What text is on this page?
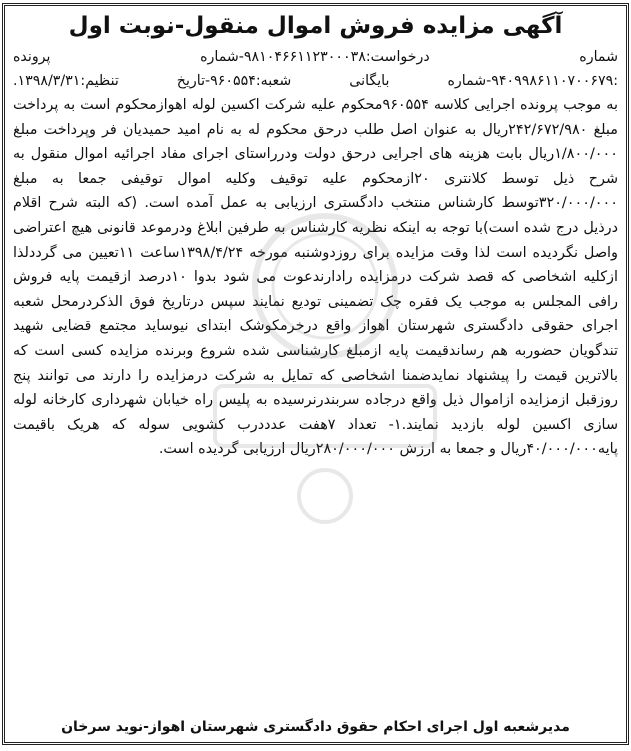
آگهی مزایده فروش اموال منقول-نوبت اول
شماره درخواست:۹۸۱۰۴۶۶۱۱۲۳۰۰۰۳۸-شماره پرونده
:۹۴۰۹۹۸۶۱۱۰۷۰۰۶۷۹-شماره بایگانی شعبه:۹۶۰۵۵۴-تاریخ تنظیم:۱۳۹۸/۳/۳۱.

به موجب پرونده اجرایی کلاسه ۹۶۰۵۵۴محکوم علیه شرکت اکسین لوله اهوازمحکوم است به پرداخت مبلغ ۲۴۲/۶۷۲/۹۸۰ریال به عنوان اصل طلب درحق محکوم له به نام امید حمیدیان فر وپرداخت مبلغ ۱/۸۰۰/۰۰۰ریال بابت هزینه های اجرایی درحق دولت ودرراستای اجرای مفاد اجرائیه اموال منقول به شرح ذیل توسط کلانتری ۲۰ازمحکوم علیه توقیف وکلیه اموال توقیفی جمعا به مبلغ ۳۲۰/۰۰۰/۰۰۰توسط کارشناس منتخب دادگستری ارزیابی به عمل آمده است. (که البته شرح اقلام درذیل درج شده است)با توجه به اینکه نظریه کارشناس به طرفین ابلاغ ودرموعد قانونی هیچ اعتراضی واصل نگردیده است لذا وقت مزایده برای روزدوشنبه مورخه ۱۳۹۸/۴/۲۴ساعت ۱۱تعیین می گردد‌لذا ازکلیه اشخاصی که قصد شرکت درمزایده رادارندعوت می شود بدوا ۱۰درصد ازقیمت پایه فروش رافی المجلس به موجب یک فقره چک تضمینی تودیع نمایند سپس درتاریخ فوق الذکردرمحل شعبه اجرای حقوقی دادگستری شهرستان اهواز واقع درخرمکوشک ابتدای نیوساید مجتمع قضایی شهید تندگویان حضوربه هم رساندقیمت پایه ازمبلغ کارشناسی شده شروع وبرنده مزایده کسی است که بالاترین قیمت را پیشنهاد نمایدضمنا اشخاصی که تمایل به شرکت درمزایده را دارند می توانند پنج روزقبل ازمزایده ازاموال ذیل واقع درجاده سربندرنرسیده به پلیس راه خیابان شهرداری کارخانه لوله سازی اکسین لوله بازدید نمایند.۱- تعداد ۷هفت عدددرب کشویی سوله که هریک باقیمت پایه۴۰/۰۰۰/۰۰۰ریال و جمعا به ارزش ۲۸۰/۰۰۰/۰۰۰ریال ارزیابی گردیده است.

مدیرشعبه اول اجرای احکام حقوق دادگستری شهرستان اهواز-نوید سرخان
